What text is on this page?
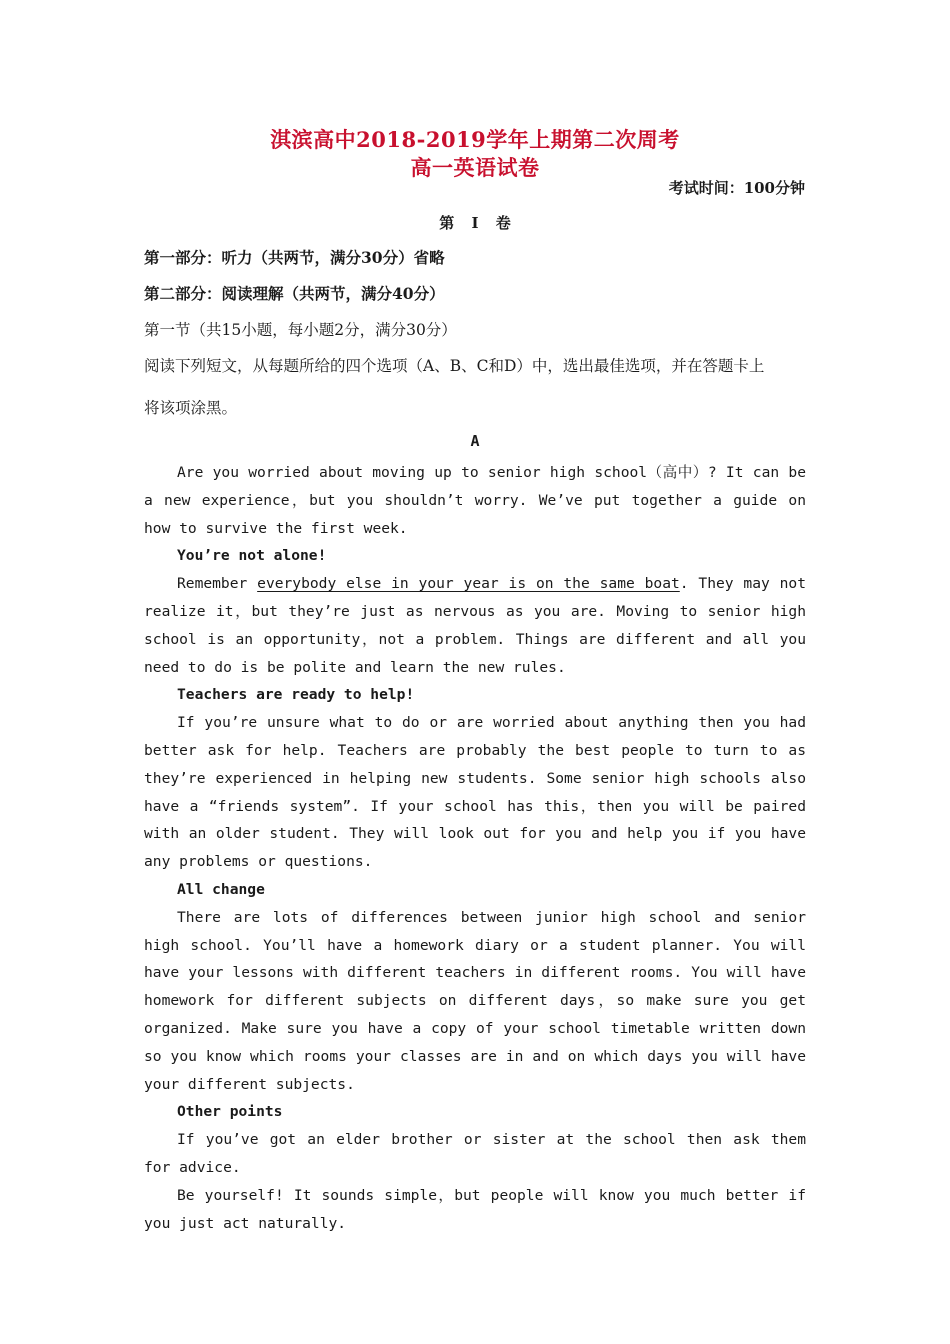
淇滨高中2018-2019学年上期第二次周考
高一英语试卷
考试时间：100分钟
第 I 卷
第一部分：听力（共两节，满分30分）省略
第二部分：阅读理解（共两节，满分40分）
第一节（共15小题，每小题2分，满分30分）
阅读下列短文，从每题所给的四个选项（A、B、C和D）中，选出最佳选项，并在答题卡上
将该项涂黑。
A

Are you worried about moving up to senior high school（高中）? It can be a new experience，but you shouldn’t worry. We’ve put together a guide on how to survive the first week.

You’re not alone!

Remember everybody else in your year is on the same boat. They may not realize it，but they’re just as nervous as you are. Moving to senior high school is an opportunity，not a problem. Things are different and all you need to do is be polite and learn the new rules.

Teachers are ready to help!

If you’re unsure what to do or are worried about anything then you had better ask for help. Teachers are probably the best people to turn to as they’re experienced in helping new students. Some senior high schools also have a “friends system”. If your school has this，then you will be paired with an older student. They will look out for you and help you if you have any problems or questions.

All change

There are lots of differences between junior high school and senior high school. You’ll have a homework diary or a student planner. You will have your lessons with different teachers in different rooms. You will have homework for different subjects on different days，so make sure you get organized. Make sure you have a copy of your school timetable written down so you know which rooms your classes are in and on which days you will have your different subjects.

Other points

If you’ve got an elder brother or sister at the school then ask them for advice.

Be yourself! It sounds simple，but people will know you much better if you just act naturally.
